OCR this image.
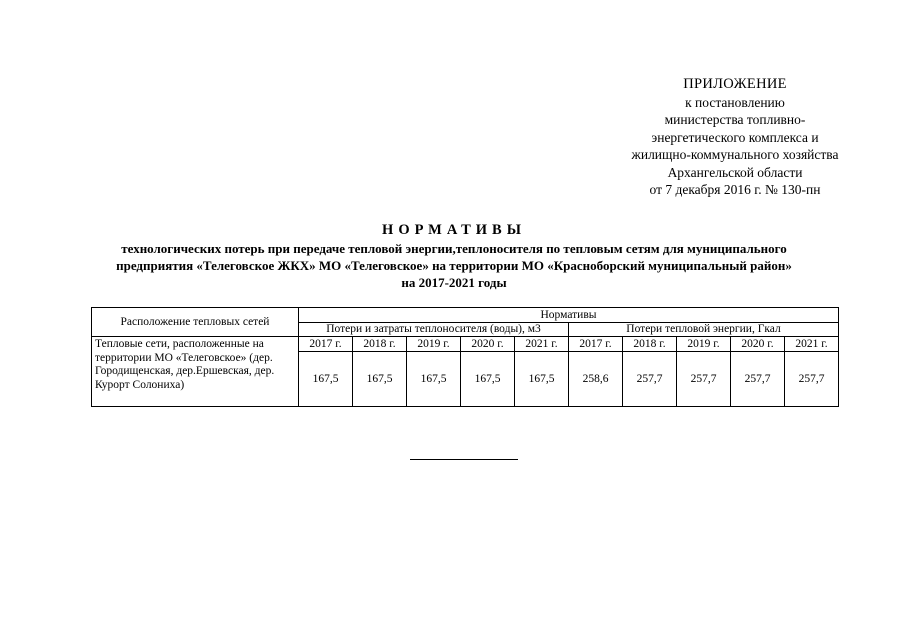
ПРИЛОЖЕНИЕ
к постановлению
министерства топливно-
энергетического комплекса и
жилищно-коммунального хозяйства
Архангельской области
от 7 декабря 2016 г. № 130-пн
НОРМАТИВЫ
технологических потерь при передаче тепловой энергии,теплоносителя по тепловым сетям для муниципального
предприятия «Телеговское ЖКХ» МО «Телеговское» на территории МО «Красноборский муниципальный район»
на 2017-2021 годы
Расположение тепловых сетей	Нормативы									
	Потери и затраты теплоносителя (воды), м3					Потери тепловой энергии, Гкал				
Тепловые сети, расположенные на территории МО «Телеговское» (дер. Городищенская, дер.Ершевская, дер. Курорт Солониха)	2017 г.	2018 г.	2019 г.	2020 г.	2021 г.	2017 г.	2018 г.	2019 г.	2020 г.	2021 г.
	167,5	167,5	167,5	167,5	167,5	258,6	257,7	257,7	257,7	257,7
